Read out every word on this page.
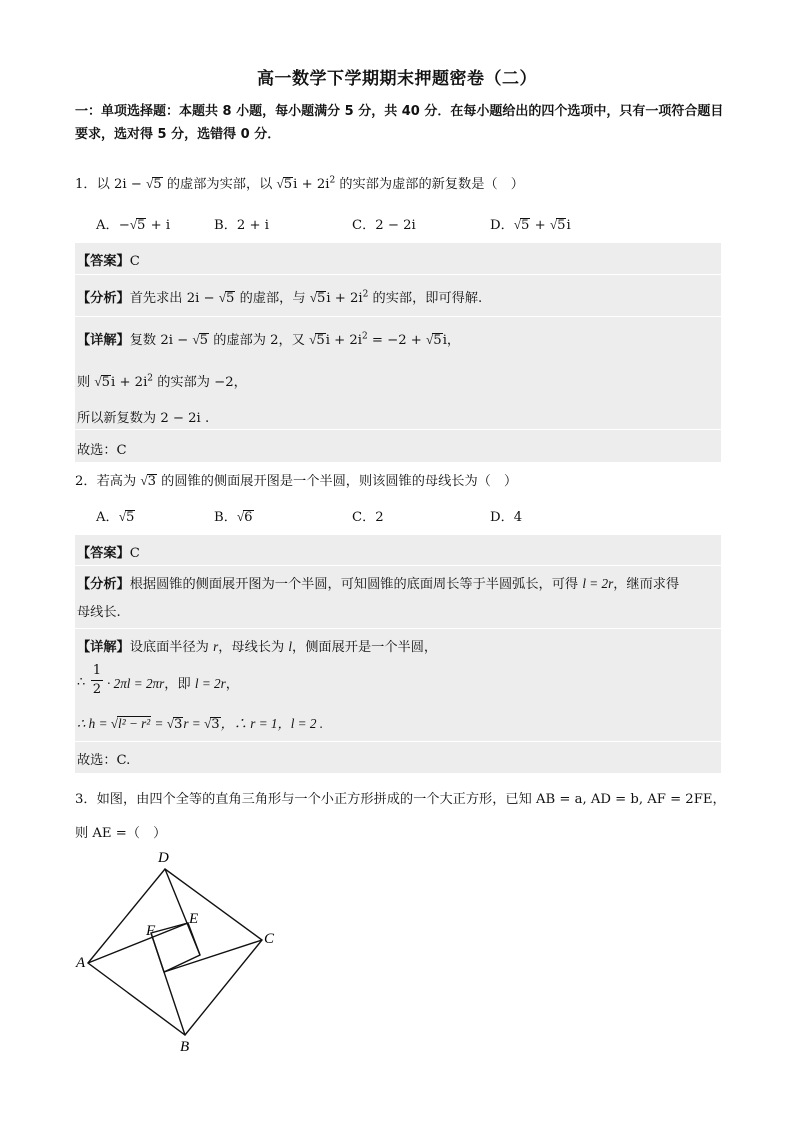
高一数学下学期期末押题密卷（二）
一：单项选择题：本题共 8 小题，每小题满分 5 分，共 40 分．在每小题给出的四个选项中，只有一项符合题目要求，选对得 5 分，选错得 0 分．
1．以 2i − √5 的虚部为实部，以 $√5i + 2i^2$ 的实部为虚部的新复数是（　）
A．−√5 + i	B．2 + i	C．2 − 2i	D．√5 + √5i
【答案】C
【分析】首先求出 2i − √5 的虚部，与 $√5i + 2i^2$ 的实部，即可得解.
【详解】复数 2i − √5 的虚部为 2，又 $√5i + 2i^2 = -2 + √5i$，
则 $√5i + 2i^2$ 的实部为 −2，
所以新复数为 2 − 2i .
故选：C
2．若高为 √3 的圆锥的侧面展开图是一个半圆，则该圆锥的母线长为（　）
A．√5	B．√6	C．2	D．4
【答案】C
【分析】根据圆锥的侧面展开图为一个半圆，可知圆锥的底面周长等于半圆弧长，可得 l = 2r，继而求得
母线长.
【详解】设底面半径为 r，母线长为 l，侧面展开是一个半圆，
∴
1
2 · 2πl = 2πr，即 l = 2r，
∴ h = √l² − r² = √3r = √3，∴ r = 1，l = 2 .
故选：C.
3．如图，由四个全等的直角三角形与一个小正方形拼成的一个大正方形，已知 AB = a, AD = b, AF = 2FE，
则 AE =（　）
D
E
F	C
A
B
